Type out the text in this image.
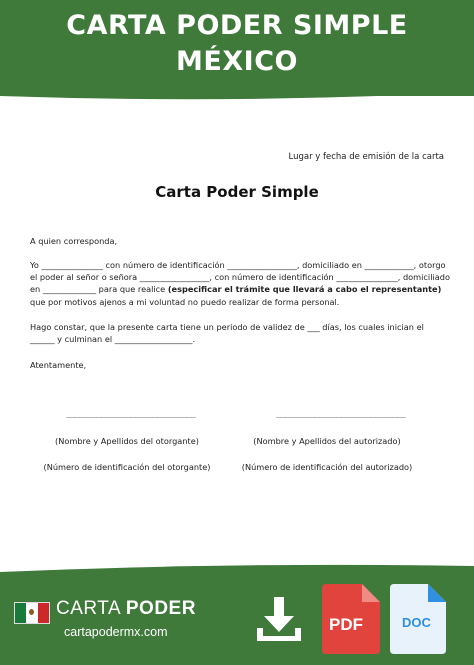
CARTA PODER SIMPLE
MÉXICO
Lugar y fecha de emisión de la carta
Carta Poder Simple
A quien corresponda,
Yo _______________ con número de identificación _________________, domiciliado en ____________, otorgo el poder al señor o señora _________________, con número de identificación _______________, domiciliado en _____________ para que realice (especificar el trámite que llevará a cabo el representante) que por motivos ajenos a mi voluntad no puedo realizar de forma personal.
Hago constar, que la presente carta tiene un periodo de validez de ___ días, los cuales inician el ______ y culminan el ___________________.
Atentamente,
______________________________	______________________________
(Nombre y Apellidos del otorgante)	(Nombre y Apellidos del autorizado)
(Número de identificación del otorgante)	(Número de identificación del autorizado)
CARTA PODER
cartapodermx.com	PDF	DOC
